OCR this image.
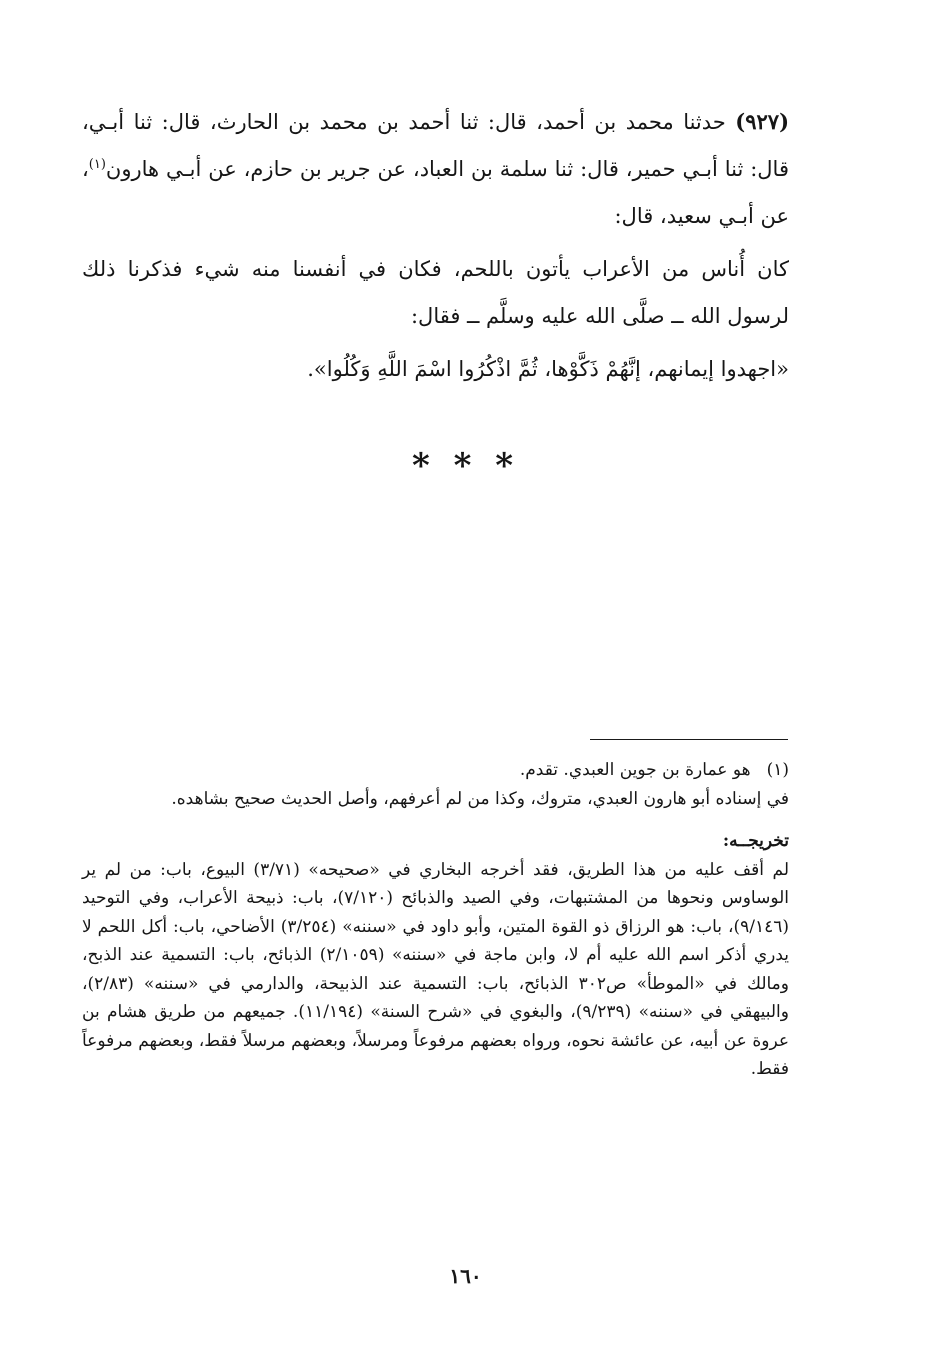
(٩٢٧) حدثنا محمد بن أحمد، قال: ثنا أحمد بن محمد بن الحارث، قال: ثنا أبـي، قال: ثنا أبـي حمير، قال: ثنا سلمة بن العباد، عن جرير بن حازم، عن أبـي هارون$^{(١)}$، عن أبـي سعيد، قال:

كان أُناس من الأعراب يأتون باللحم، فكان في أنفسنا منه شيء فذكرنا ذلك لرسول الله ــ صلَّى الله عليه وسلَّم ــ فقال:

«اجهدوا إيمانهم، إنَّهُمْ ذَكَّوْها، ثُمَّ اذْكُرُوا اسْمَ اللَّهِ وَكُلُوا».

* * *

(١)
هو عمارة بن جوين العبدي. تقدم.

في إسناده أبو هارون العبدي، متروك، وكذا من لم أعرفهم، وأصل الحديث صحيح بشاهده.

تخريجــه:

لم أقف عليه من هذا الطريق، فقد أخرجه البخاري في «صحيحه» (٣/٧١) البيوع، باب: من لم ير الوساوس ونحوها من المشتبهات، وفي الصيد والذبائح (٧/١٢٠)، باب: ذبيحة الأعراب، وفي التوحيد (٩/١٤٦)، باب: هو الرزاق ذو القوة المتين، وأبو داود في «سننه» (٣/٢٥٤) الأضاحي، باب: أكل اللحم لا يدري أذكر اسم الله عليه أم لا، وابن ماجة في «سننه» (٢/١٠٥٩) الذبائح، باب: التسمية عند الذبح، ومالك في «الموطأ» ص٣٠٢ الذبائح، باب: التسمية عند الذبيحة، والدارمي في «سننه» (٢/٨٣)، والبيهقي في «سننه» (٩/٢٣٩)، والبغوي في «شرح السنة» (١١/١٩٤). جميعهم من طريق هشام بن عروة عن أبيه، عن عائشة نحوه، ورواه بعضهم مرفوعاً ومرسلاً، وبعضهم مرسلاً فقط، وبعضهم مرفوعاً فقط.

١٦٠
